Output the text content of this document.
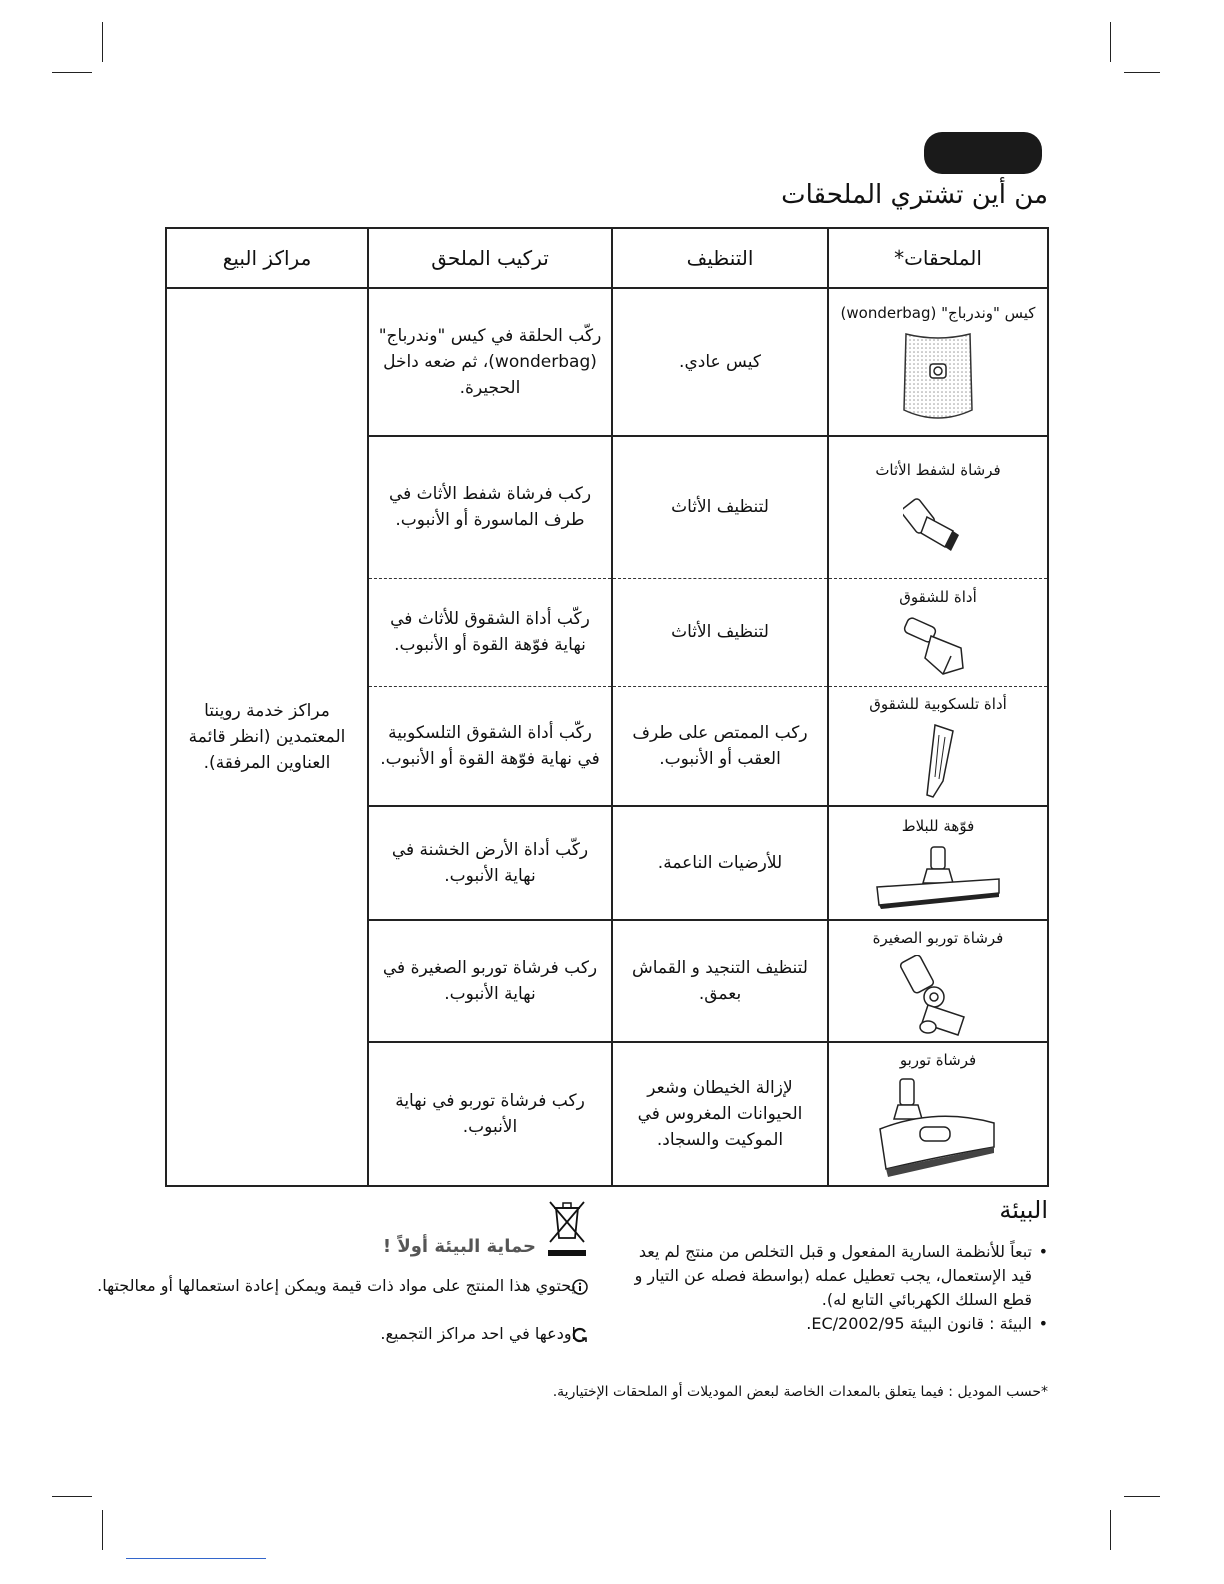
من أين تشتري الملحقات
الملحقات*	التنظيف	تركيب الملحق	مراكز البيع

كيس "وندرباج" (wonderbag)	كيس عادي.	ركّب الحلقة في كيس "وندرباج" (wonderbag)، ثم ضعه داخل الحجيرة.	مراكز خدمة روينتا المعتمدين (انظر قائمة العناوين المرفقة).

فرشاة لشفط الأثاث	لتنظيف الأثاث	ركب فرشاة شفط الأثاث في طرف الماسورة أو الأنبوب.	

أداة للشقوق	لتنظيف الأثاث	ركّب أداة الشقوق للأثاث في نهاية فوّهة القوة أو الأنبوب.	

أداة تلسكوبية للشقوق	ركب الممتص على طرف العقب أو الأنبوب.	ركّب أداة الشقوق التلسكوبية في نهاية فوّهة القوة أو الأنبوب.	

فوّهة للبلاط	للأرضيات الناعمة.	ركّب أداة الأرض الخشنة في نهاية الأنبوب.	

فرشاة توربو الصغيرة	لتنظيف التنجيد و القماش بعمق.	ركب فرشاة توربو الصغيرة في نهاية الأنبوب.	

فرشاة توربو	لإزالة الخيطان وشعر الحيوانات المغروس في الموكيت والسجاد.	ركب فرشاة توربو في نهاية الأنبوب.	
البيئة
• تبعاً للأنظمة السارية المفعول و قبل التخلص من منتج لم يعد قيد الإستعمال، يجب تعطيل عمله (بواسطة فصله عن التيار و قطع السلك الكهربائي التابع له).
• البيئة : قانون البيئة 2002/95/EC.
حماية البيئة أولاً !
يحتوي هذا المنتج على مواد ذات قيمة ويمكن إعادة استعمالها أو معالجتها.
اودعها في احد مراكز التجميع.
*حسب الموديل : فيما يتعلق بالمعدات الخاصة لبعض الموديلات أو الملحقات الإختيارية.
